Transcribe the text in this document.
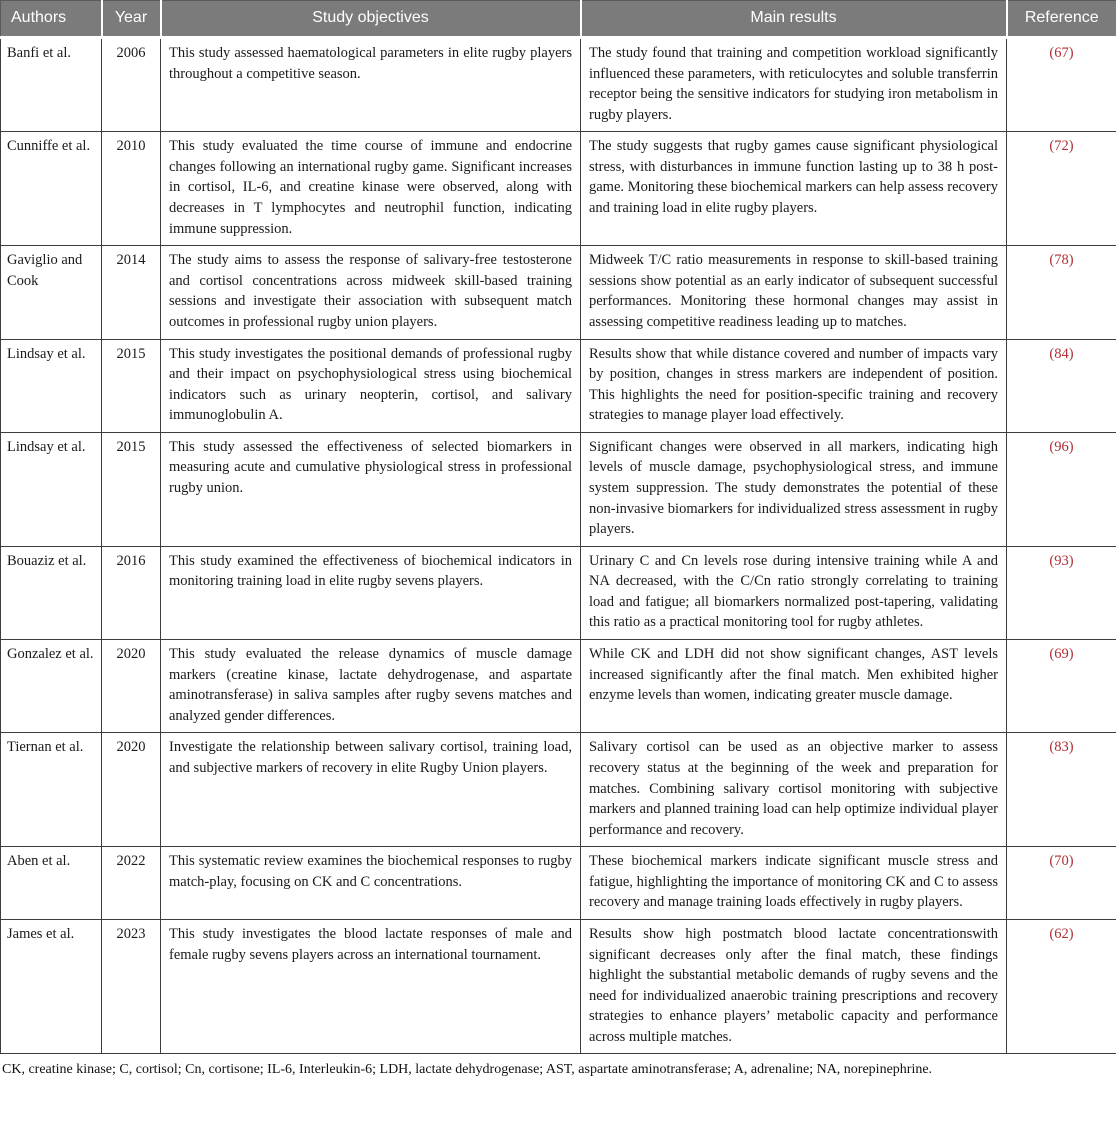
Authors	Year	Study objectives	Main results	Reference
Banfi et al.	2006	This study assessed haematological parameters in elite rugby players throughout a competitive season.	The study found that training and competition workload significantly influenced these parameters, with reticulocytes and soluble transferrin receptor being the sensitive indicators for studying iron metabolism in rugby players.	(67)
Cunniffe et al.	2010	This study evaluated the time course of immune and endocrine changes following an international rugby game. Significant increases in cortisol, IL-6, and creatine kinase were observed, along with decreases in T lymphocytes and neutrophil function, indicating immune suppression.	The study suggests that rugby games cause significant physiological stress, with disturbances in immune function lasting up to 38 h post-game. Monitoring these biochemical markers can help assess recovery and training load in elite rugby players.	(72)
Gaviglio and Cook	2014	The study aims to assess the response of salivary-free testosterone and cortisol concentrations across midweek skill-based training sessions and investigate their association with subsequent match outcomes in professional rugby union players.	Midweek T/C ratio measurements in response to skill-based training sessions show potential as an early indicator of subsequent successful performances. Monitoring these hormonal changes may assist in assessing competitive readiness leading up to matches.	(78)
Lindsay et al.	2015	This study investigates the positional demands of professional rugby and their impact on psychophysiological stress using biochemical indicators such as urinary neopterin, cortisol, and salivary immunoglobulin A.	Results show that while distance covered and number of impacts vary by position, changes in stress markers are independent of position. This highlights the need for position-specific training and recovery strategies to manage player load effectively.	(84)
Lindsay et al.	2015	This study assessed the effectiveness of selected biomarkers in measuring acute and cumulative physiological stress in professional rugby union.	Significant changes were observed in all markers, indicating high levels of muscle damage, psychophysiological stress, and immune system suppression. The study demonstrates the potential of these non-invasive biomarkers for individualized stress assessment in rugby players.	(96)
Bouaziz et al.	2016	This study examined the effectiveness of biochemical indicators in monitoring training load in elite rugby sevens players.	Urinary C and Cn levels rose during intensive training while A and NA decreased, with the C/Cn ratio strongly correlating to training load and fatigue; all biomarkers normalized post-tapering, validating this ratio as a practical monitoring tool for rugby athletes.	(93)
Gonzalez et al.	2020	This study evaluated the release dynamics of muscle damage markers (creatine kinase, lactate dehydrogenase, and aspartate aminotransferase) in saliva samples after rugby sevens matches and analyzed gender differences.	While CK and LDH did not show significant changes, AST levels increased significantly after the final match. Men exhibited higher enzyme levels than women, indicating greater muscle damage.	(69)
Tiernan et al.	2020	Investigate the relationship between salivary cortisol, training load, and subjective markers of recovery in elite Rugby Union players.	Salivary cortisol can be used as an objective marker to assess recovery status at the beginning of the week and preparation for matches. Combining salivary cortisol monitoring with subjective markers and planned training load can help optimize individual player performance and recovery.	(83)
Aben et al.	2022	This systematic review examines the biochemical responses to rugby match-play, focusing on CK and C concentrations.	These biochemical markers indicate significant muscle stress and fatigue, highlighting the importance of monitoring CK and C to assess recovery and manage training loads effectively in rugby players.	(70)
James et al.	2023	This study investigates the blood lactate responses of male and female rugby sevens players across an international tournament.	Results show high postmatch blood lactate concentrationswith significant decreases only after the final match, these findings highlight the substantial metabolic demands of rugby sevens and the need for individualized anaerobic training prescriptions and recovery strategies to enhance players’ metabolic capacity and performance across multiple matches.	(62)
CK, creatine kinase; C, cortisol; Cn, cortisone; IL-6, Interleukin-6; LDH, lactate dehydrogenase; AST, aspartate aminotransferase; A, adrenaline; NA, norepinephrine.
